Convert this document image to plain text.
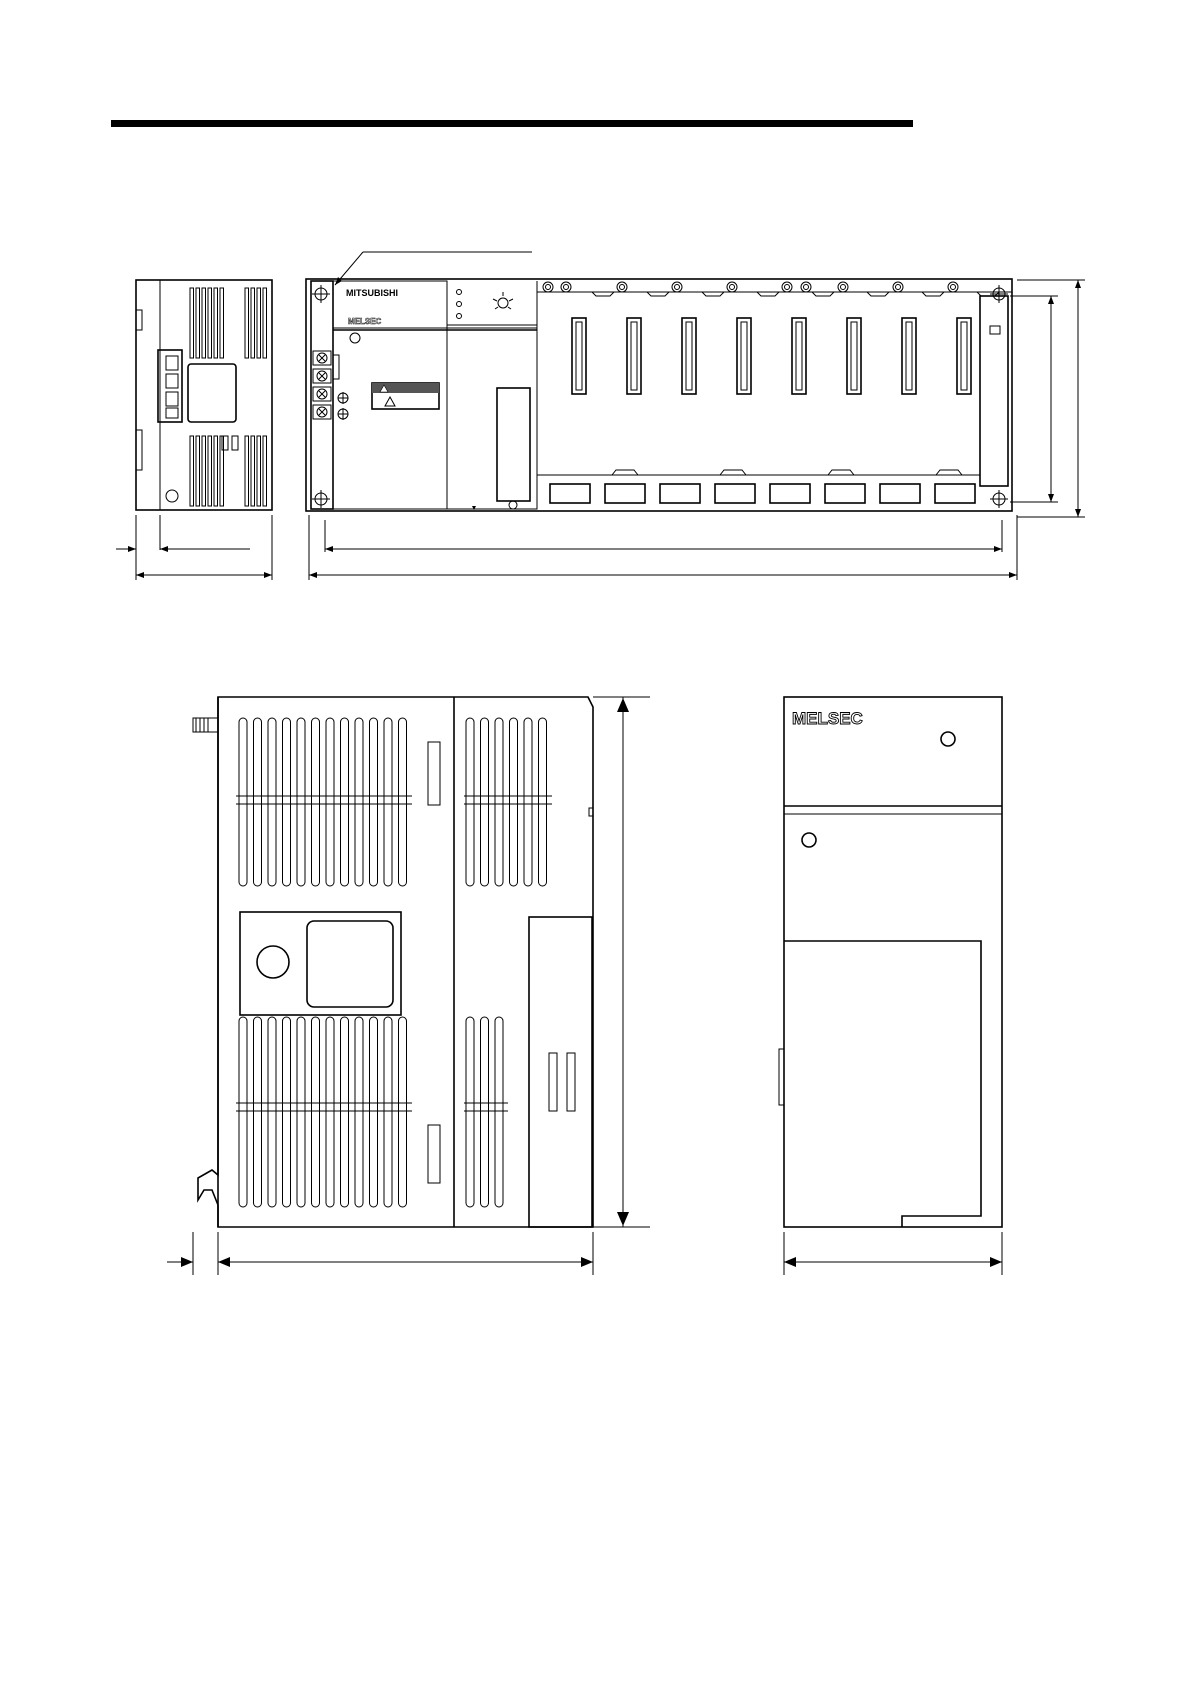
MITSUBISHI
MELSEC
MELSEC
